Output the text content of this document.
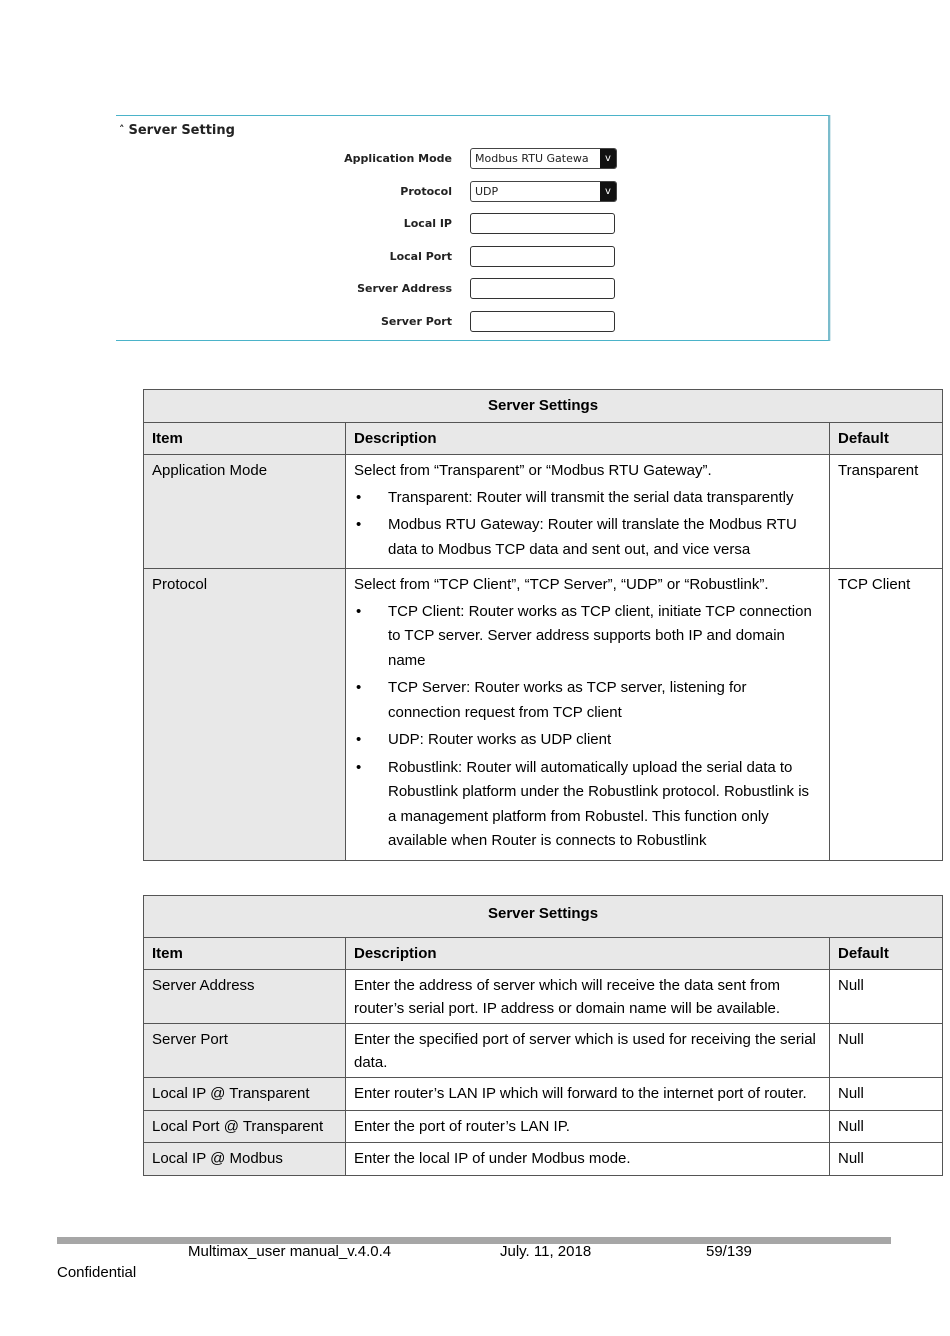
˄ Server Setting
Application Mode Modbus RTU Gatewa	v
Protocol UDP	v
Local IP
Local Port
Server Address
Server Port
Server Settings		
Item	Description	Default
Application Mode	Select from “Transparent” or “Modbus RTU Gateway”.

• Transparent: Router will transmit the serial data transparently
• Modbus RTU Gateway: Router will translate the Modbus RTU data to Modbus TCP data and sent out, and vice versa
	Transparent
Protocol	Select from “TCP Client”, “TCP Server”, “UDP” or “Robustlink”.

• TCP Client: Router works as TCP client, initiate TCP connection to TCP server. Server address supports both IP and domain name
• TCP Server: Router works as TCP server, listening for connection request from TCP client
• UDP: Router works as UDP client
• Robustlink: Router will automatically upload the serial data to Robustlink platform under the Robustlink protocol. Robustlink is a management platform from Robustel. This function only available when Router is connects to Robustlink
	TCP Client
Server Settings		
Item	Description	Default
Server Address	Enter the address of server which will receive the data sent from router’s serial port. IP address or domain name will be available.	Null
Server Port	Enter the specified port of server which is used for receiving the serial data.	Null
Local IP @ Transparent	Enter router’s LAN IP which will forward to the internet port of router.	Null
Local Port @ Transparent	Enter the port of router’s LAN IP.	Null
Local IP @ Modbus	Enter the local IP of under Modbus mode.	Null
Multimax_user manual_v.4.0.4	July. 11, 2018	59/139
Confidential
